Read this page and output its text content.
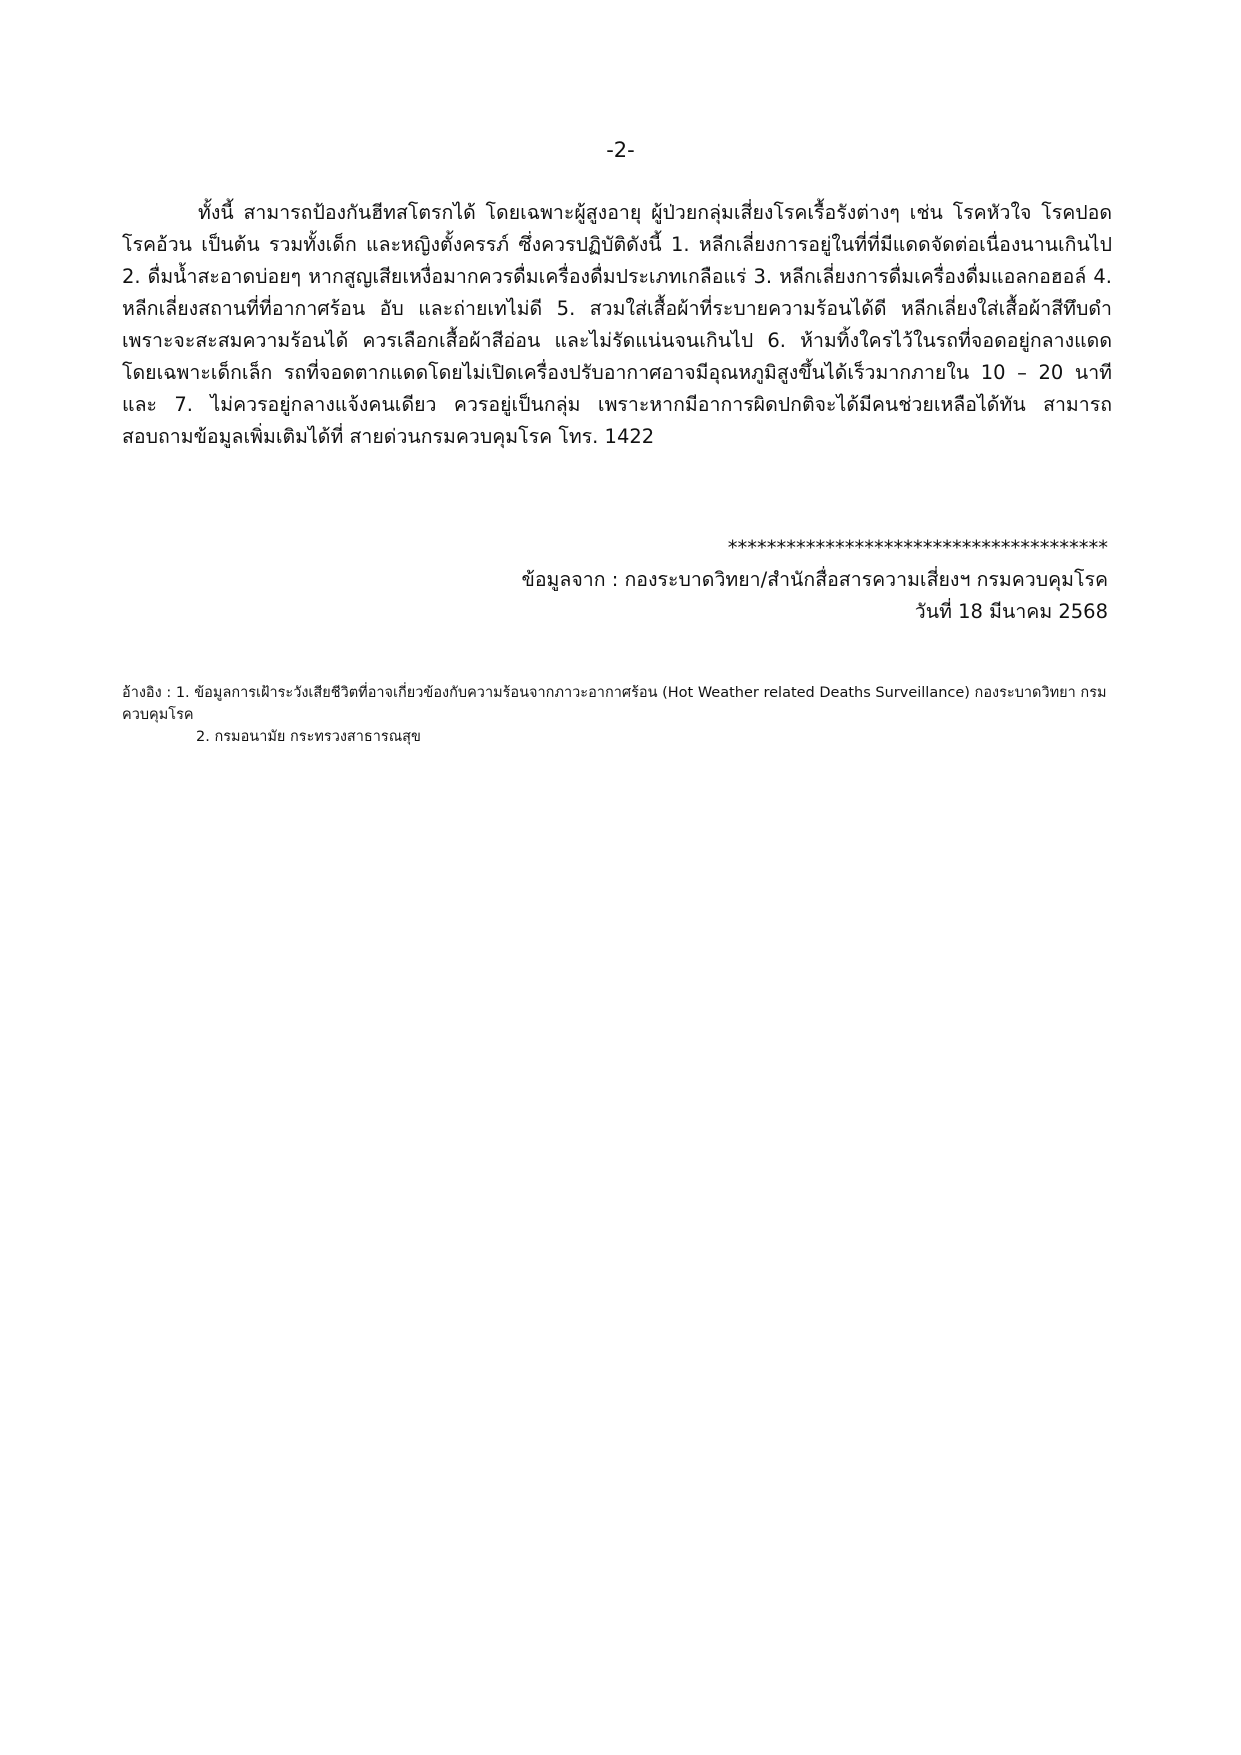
-2-

ทั้งนี้ สามารถป้องกันฮีทสโตรกได้ โดยเฉพาะผู้สูงอายุ ผู้ป่วยกลุ่มเสี่ยงโรคเรื้อรังต่างๆ เช่น โรคหัวใจ โรคปอด โรคอ้วน เป็นต้น รวมทั้งเด็ก และหญิงตั้งครรภ์ ซึ่งควรปฏิบัติดังนี้ 1. หลีกเลี่ยงการอยู่ในที่ที่มีแดดจัดต่อเนื่องนานเกินไป 2. ดื่มน้ำสะอาดบ่อยๆ หากสูญเสียเหงื่อมากควรดื่มเครื่องดื่มประเภทเกลือแร่ 3. หลีกเลี่ยงการดื่มเครื่องดื่มแอลกอฮอล์ 4. หลีกเลี่ยงสถานที่ที่อากาศร้อน อับ และถ่ายเทไม่ดี 5. สวมใส่เสื้อผ้าที่ระบายความร้อนได้ดี หลีกเลี่ยงใส่เสื้อผ้าสีทึบดำ เพราะจะสะสมความร้อนได้ ควรเลือกเสื้อผ้าสีอ่อน และไม่รัดแน่นจนเกินไป 6. ห้ามทิ้งใครไว้ในรถที่จอดอยู่กลางแดด โดยเฉพาะเด็กเล็ก รถที่จอดตากแดดโดยไม่เปิดเครื่องปรับอากาศอาจมีอุณหภูมิสูงขึ้นได้เร็วมากภายใน 10 – 20 นาที และ 7. ไม่ควรอยู่กลางแจ้งคนเดียว ควรอยู่เป็นกลุ่ม เพราะหากมีอาการผิดปกติจะได้มีคนช่วยเหลือได้ทัน สามารถสอบถามข้อมูลเพิ่มเติมได้ที่ สายด่วนกรมควบคุมโรค โทร. 1422

***************************************
ข้อมูลจาก : กองระบาดวิทยา/สำนักสื่อสารความเสี่ยงฯ กรมควบคุมโรค
วันที่ 18 มีนาคม 2568

อ้างอิง : 1. ข้อมูลการเฝ้าระวังเสียชีวิตที่อาจเกี่ยวข้องกับความร้อนจากภาวะอากาศร้อน (Hot Weather related Deaths Surveillance) กองระบาดวิทยา กรมควบคุมโรค

2. กรมอนามัย กระทรวงสาธารณสุข
